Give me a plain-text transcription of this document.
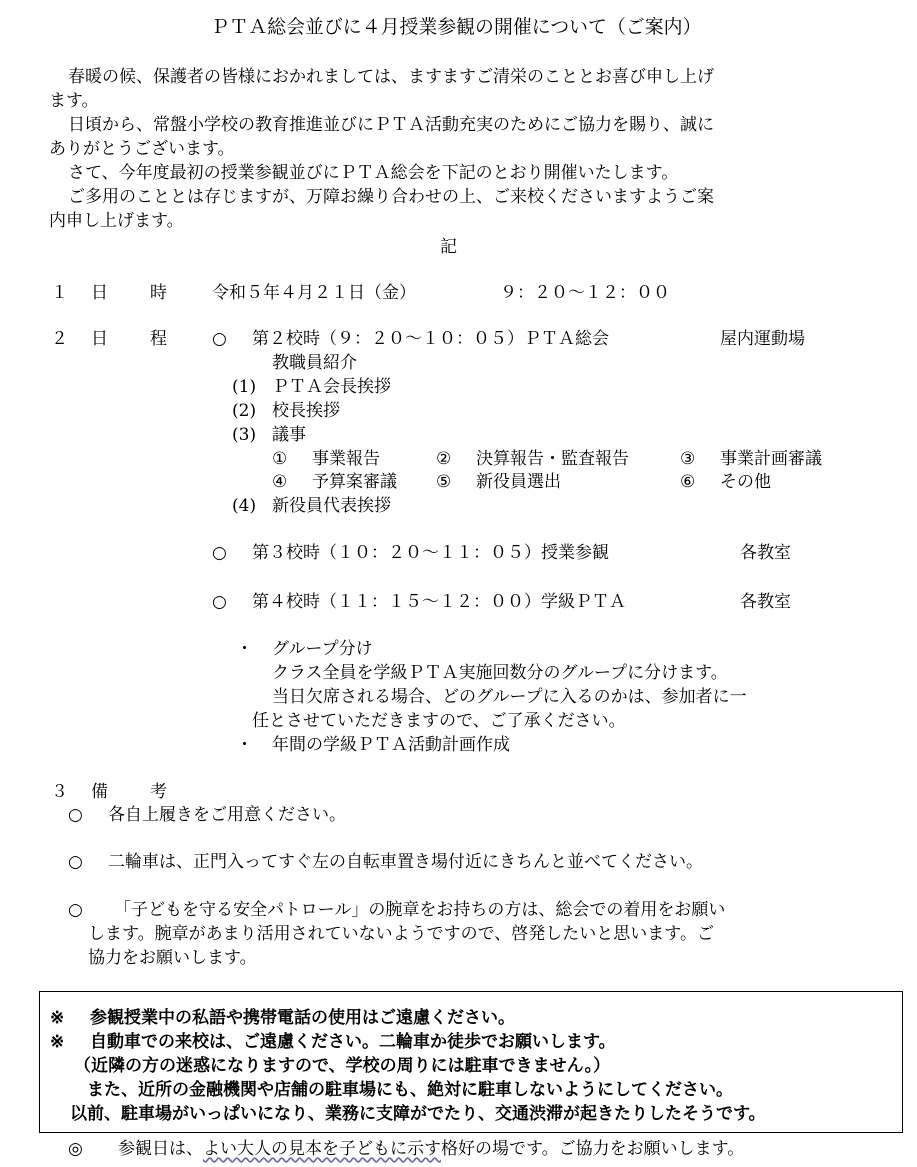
ＰＴＡ総会並びに４月授業参観の開催について（ご案内）
春暖の候、保護者の皆様におかれましては、ますますご清栄のこととお喜び申し上げ
ます。
日頃から、常盤小学校の教育推進並びにＰＴＡ活動充実のためにご協力を賜り、誠に
ありがとうございます。
さて、今年度最初の授業参観並びにＰＴＡ総会を下記のとおり開催いたします。
ご多用のこととは存じますが、万障お繰り合わせの上、ご来校くださいますようご案
内申し上げます。
記
１ 日 時	令和５年４月２１日（金）	９：２０〜１２：００
２ 日 程	○ 第２校時（９：２０〜１０：０５）ＰＴＡ総会	屋内運動場
教職員紹介
(1) ＰＴＡ会長挨拶
(2) 校長挨拶
(3) 議事
① 事業報告	② 決算報告・監査報告	③ 事業計画審議
④ 予算案審議 ⑤ 新役員選出	⑥ その他
(4) 新役員代表挨拶
○ 第３校時（１０：２０〜１１：０５）授業参観	各教室
○ 第４校時（１１：１５〜１２：００）学級ＰＴＡ	各教室
・ グループ分け
クラス全員を学級ＰＴＡ実施回数分のグループに分けます。
当日欠席される場合、どのグループに入るのかは、参加者に一
任とさせていただきますので、ご了承ください。
・ 年間の学級ＰＴＡ活動計画作成
３ 備 考
○ 各自上履きをご用意ください。
○ 二輪車は、正門入ってすぐ左の自転車置き場付近にきちんと並べてください。
○ 「子どもを守る安全パトロール」の腕章をお持ちの方は、総会での着用をお願い
します。腕章があまり活用されていないようですので、啓発したいと思います。ご
協力をお願いします。
※ 参観授業中の私語や携帯電話の使用はご遠慮ください。
※ 自動車での来校は、ご遠慮ください。二輪車か徒歩でお願いします。
（近隣の方の迷惑になりますので、学校の周りには駐車できません。）
また、近所の金融機関や店舗の駐車場にも、絶対に駐車しないようにしてください。
以前、駐車場がいっぱいになり、業務に支障がでたり、交通渋滞が起きたりしたそうです。
◎ 参観日は、よい大人の見本を子どもに示す格好の場です。ご協力をお願いします。
